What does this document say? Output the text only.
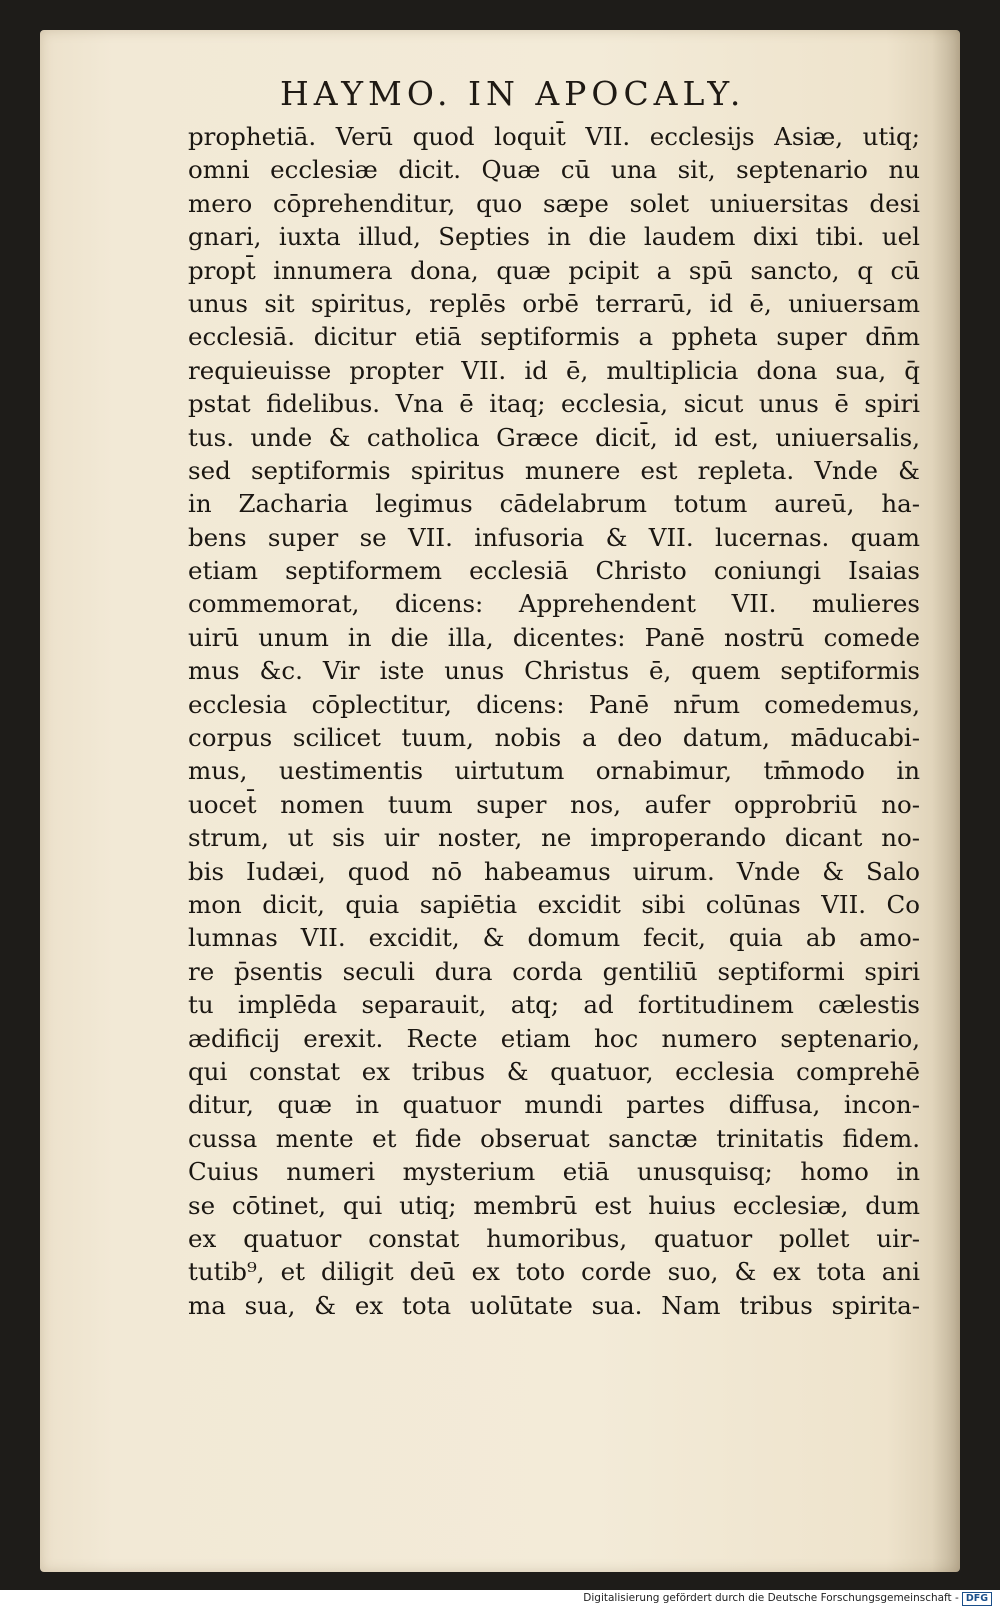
HAYMO. IN APOCALY.
prophetiā. Verū quod loquit̄ VII. ecclesijs Asiæ, utiq;
omni ecclesiæ dicit. Quæ cū una sit, septenario nu
mero cōprehenditur, quo sæpe solet uniuersitas desi
gnari, iuxta illud, Septies in die laudem dixi tibi. uel
propt̄ innumera dona, quæ pcipit a spū sancto, q cū
unus sit spiritus, replēs orbē terrarū, id ē, uniuersam
ecclesiā. dicitur etiā septiformis a ppheta super dn̄m
requieuisse propter VII. id ē, multiplicia dona sua, q̄
pstat fidelibus. Vna ē itaq; ecclesia, sicut unus ē spiri
tus. unde & catholica Græce dicit̄, id est, uniuersalis,
sed septiformis spiritus munere est repleta. Vnde &
in Zacharia legimus cādelabrum totum aureū, ha-
bens super se VII. infusoria & VII. lucernas. quam
etiam septiformem ecclesiā Christo coniungi Isaias
commemorat, dicens: Apprehendent VII. mulieres
uirū unum in die illa, dicentes: Panē nostrū comede
mus &c. Vir iste unus Christus ē, quem septiformis
ecclesia cōplectitur, dicens: Panē nr̄um comedemus,
corpus scilicet tuum, nobis a deo datum, māducabi-
mus, uestimentis uirtutum ornabimur, tm̄modo in
uocet̄ nomen tuum super nos, aufer opprobriū no-
strum, ut sis uir noster, ne improperando dicant no-
bis Iudæi, quod nō habeamus uirum. Vnde & Salo
mon dicit, quia sapiētia excidit sibi colūnas VII. Co
lumnas VII. excidit, & domum fecit, quia ab amo-
re p̄sentis seculi dura corda gentiliū septiformi spiri
tu implēda separauit, atq; ad fortitudinem cælestis
ædificij erexit. Recte etiam hoc numero septenario,
qui constat ex tribus & quatuor, ecclesia comprehē
ditur, quæ in quatuor mundi partes diffusa, incon-
cussa mente et fide obseruat sanctæ trinitatis fidem.
Cuius numeri mysterium etiā unusquisq; homo in
se cōtinet, qui utiq; membrū est huius ecclesiæ, dum
ex quatuor constat humoribus, quatuor pollet uir-
tutib⁹, et diligit deū ex toto corde suo, & ex tota ani
ma sua, & ex tota uolūtate sua. Nam tribus spirita-
Digitalisierung gefördert durch die Deutsche Forschungsgemeinschaft - DFG
